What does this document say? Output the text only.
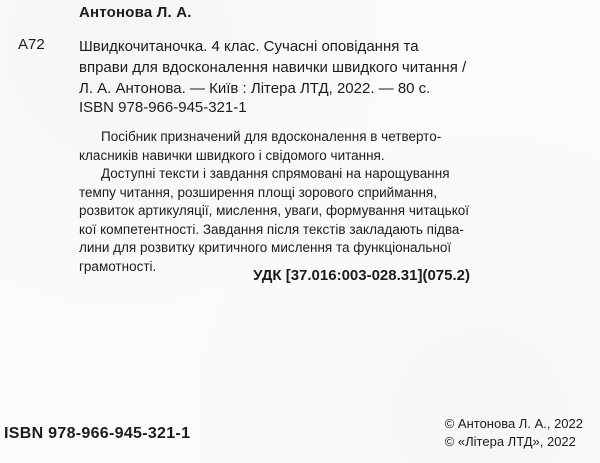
Антонова Л. А.
А72 Швидкочитаночка. 4 клас. Сучасні оповідання та
вправи для вдосконалення навички швидкого читання /
Л. А. Антонова. — Київ : Літера ЛТД, 2022. — 80 с.
ISBN 978-966-945-321-1

Посібник призначений для вдосконалення в четверто-
класників навички швидкого і свідомого читання.

Доступні тексти і завдання спрямовані на нарощування
темпу читання, розширення площі зорового сприймання,
розвиток артикуляції, мислення, уваги, формування читацької
кої компетентності. Завдання після текстів закладають підва-
лини для розвитку критичного мислення та функціональної
грамотності.

УДК [37.016:003-028.31](075.2)
ISBN 978-966-945-321-1
© Антонова Л. А., 2022
© «Літера ЛТД», 2022
